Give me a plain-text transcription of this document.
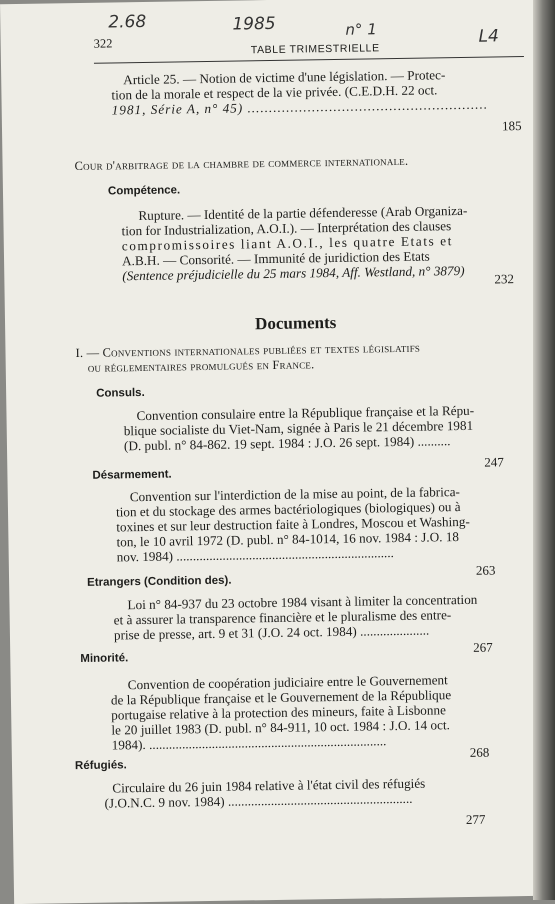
2.68	1985	n° 1	L4
322	TABLE TRIMESTRIELLE
Article 25. — Notion de victime d'une législation. — Protec-
tion de la morale et respect de la vie privée. (C.E.D.H. 22 oct.
1981, Série A, n° 45) ........................................................
185
Cour d'arbitrage de la chambre de commerce internationale.
Compétence.
Rupture. — Identité de la partie défenderesse (Arab Organiza-
tion for Industrialization, A.O.I.). — Interprétation des clauses
compromissoires liant A.O.I., les quatre Etats et
A.B.H. — Consorité. — Immunité de juridiction des Etats
(Sentence préjudicielle du 25 mars 1984, Aff. Westland, n° 3879) 232
Documents
I. — Conventions internationales publiées et textes législatifs
ou réglementaires promulgués en France.
Consuls.
Convention consulaire entre la République française et la Répu-
blique socialiste du Viet-Nam, signée à Paris le 21 décembre 1981
(D. publ. n° 84-862. 19 sept. 1984 : J.O. 26 sept. 1984) ..........
247
Désarmement.
Convention sur l'interdiction de la mise au point, de la fabrica-
tion et du stockage des armes bactériologiques (biologiques) ou à
toxines et sur leur destruction faite à Londres, Moscou et Washing-
ton, le 10 avril 1972 (D. publ. n° 84-1014, 16 nov. 1984 : J.O. 18
nov. 1984) ..................................................................
263
Etrangers (Condition des).
Loi n° 84-937 du 23 octobre 1984 visant à limiter la concentration
et à assurer la transparence financière et le pluralisme des entre-
prise de presse, art. 9 et 31 (J.O. 24 oct. 1984) .....................
267
Minorité.
Convention de coopération judiciaire entre le Gouvernement
de la République française et le Gouvernement de la République
portugaise relative à la protection des mineurs, faite à Lisbonne
le 20 juillet 1983 (D. publ. n° 84-911, 10 oct. 1984 : J.O. 14 oct.
1984). ........................................................................	268
Réfugiés.
Circulaire du 26 juin 1984 relative à l'état civil des réfugiés
(J.O.N.C. 9 nov. 1984) ........................................................
277
